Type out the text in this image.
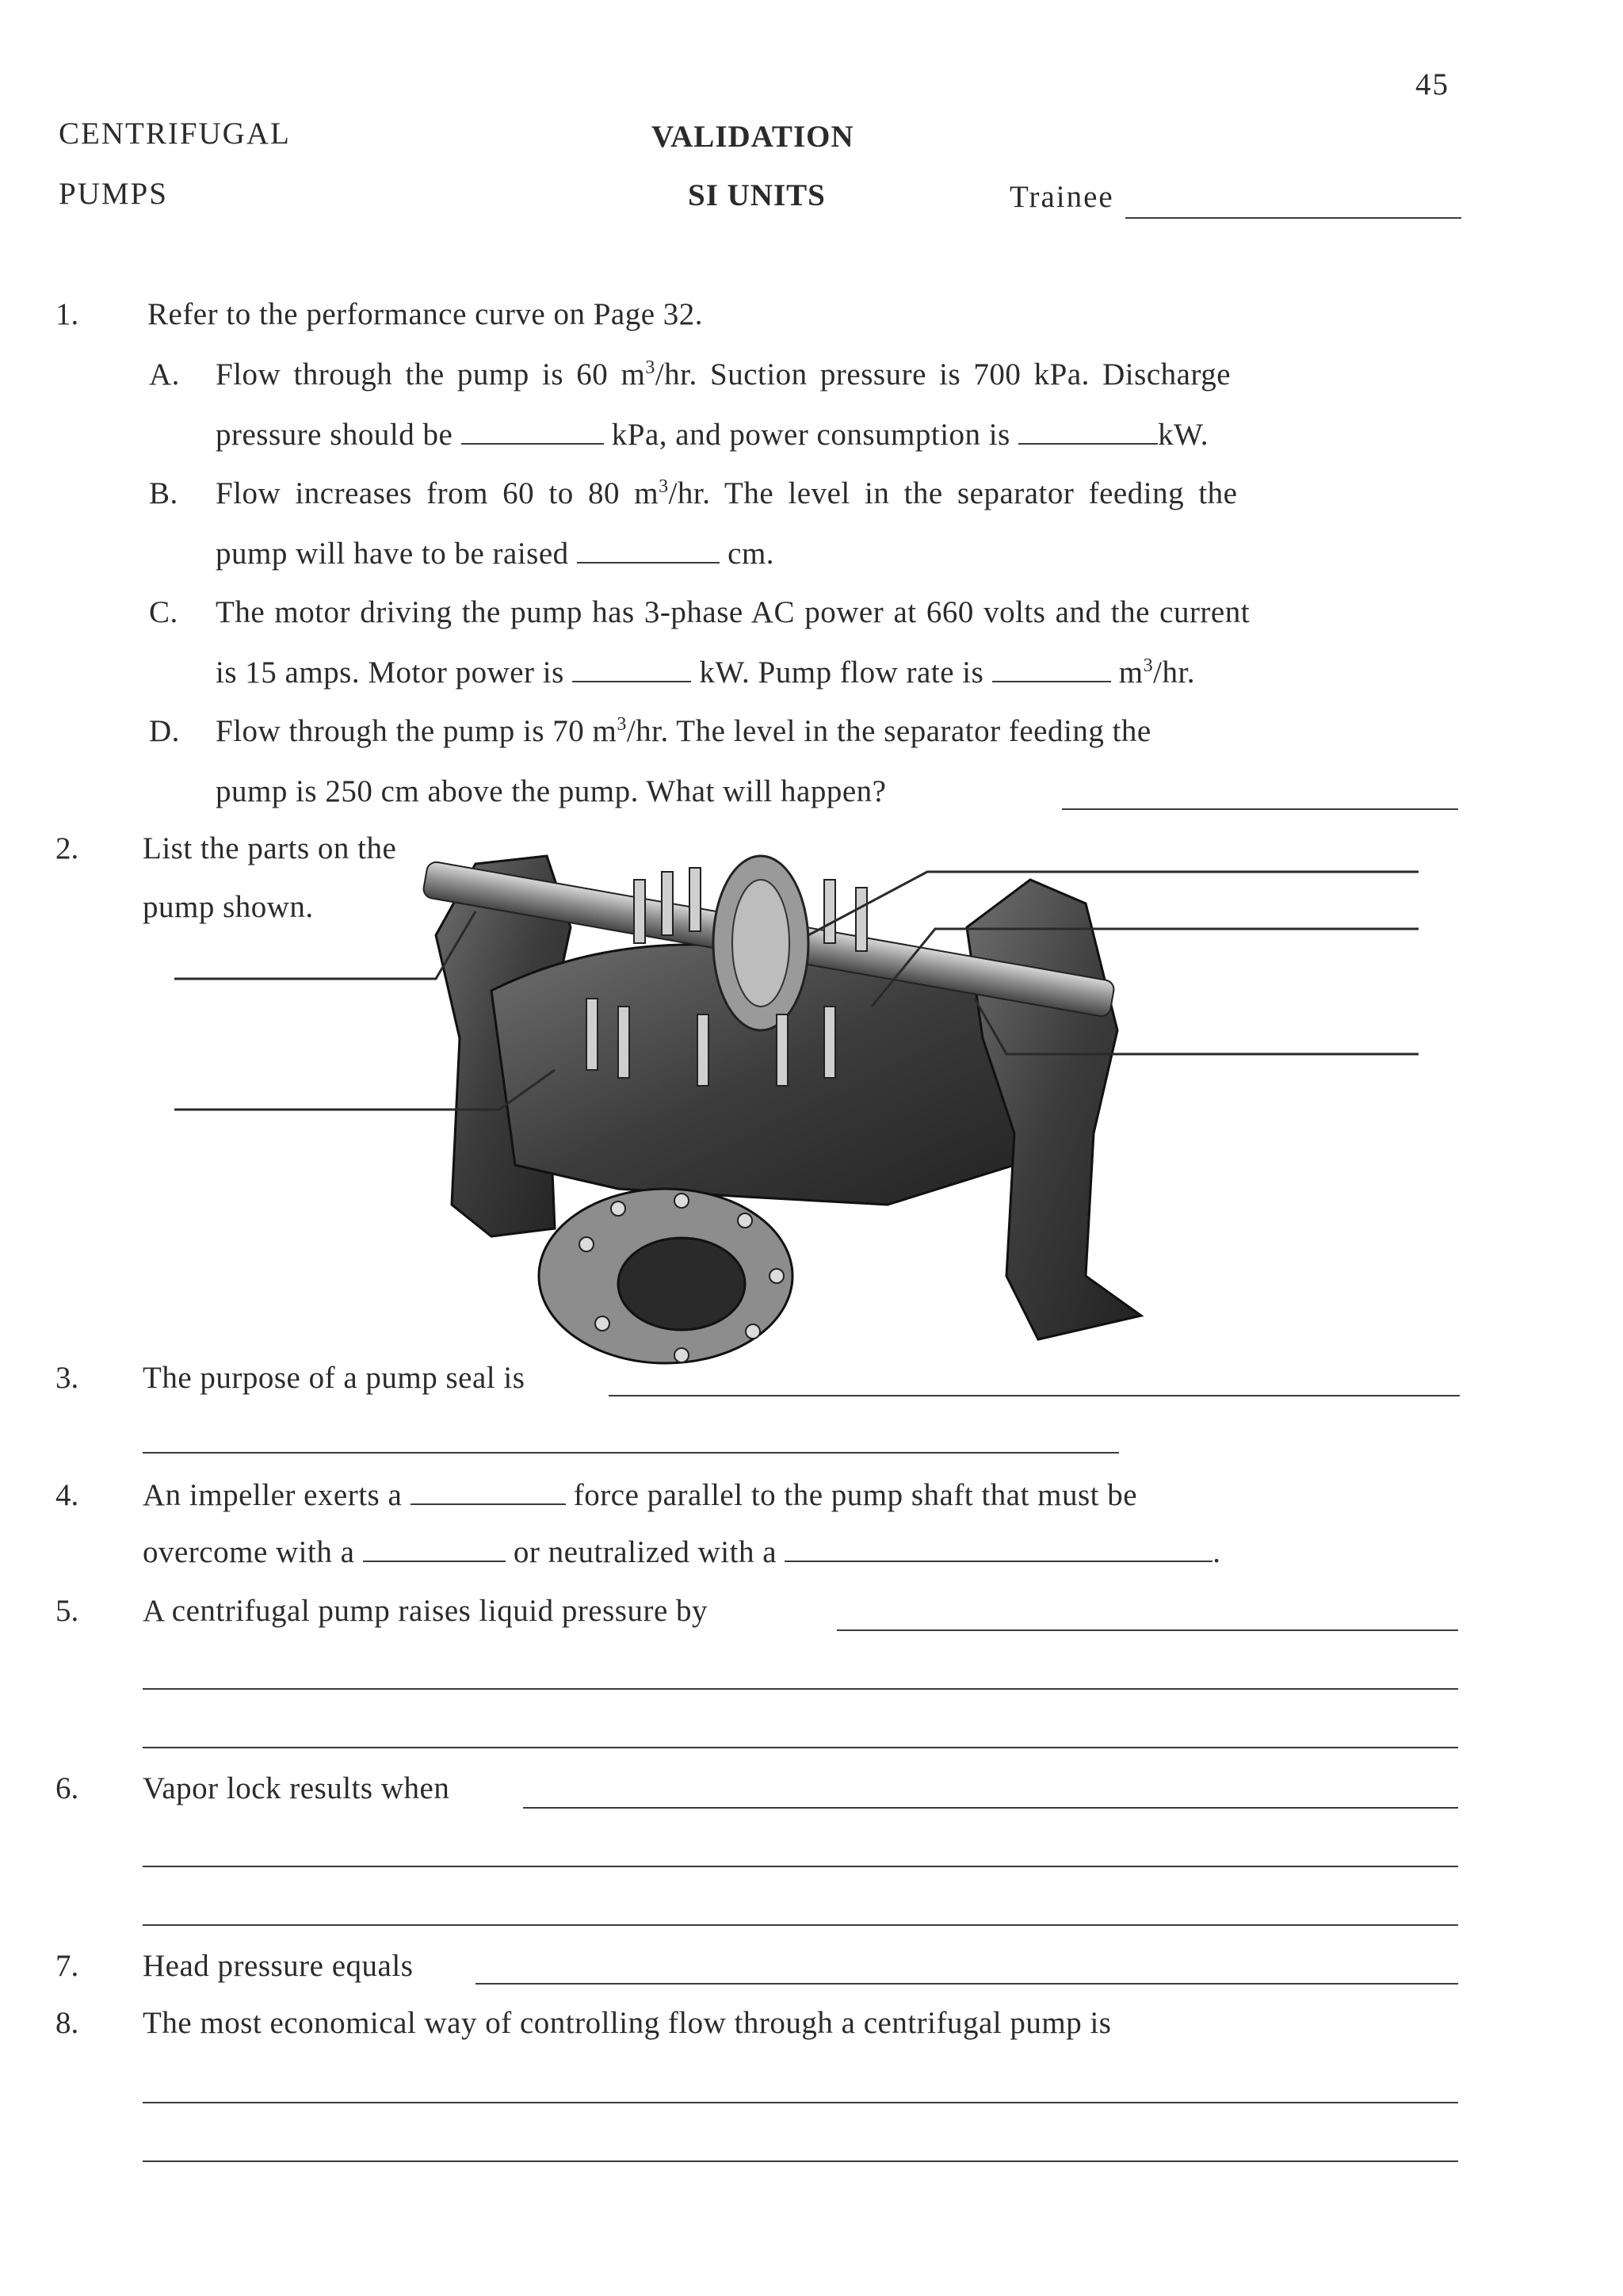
45
CENTRIFUGAL
PUMPS
VALIDATION
SI UNITS	Trainee
1. Refer to the performance curve on Page 32.
A. Flow through the pump is 60 $m^3/hr$. Suction pressure is 700 kPa. Discharge
pressure should be	kPa, and power consumption is	kW.
B. Flow increases from 60 to 80 $m^3/hr$. The level in the separator feeding the
pump will have to be raised	cm.
C. The motor driving the pump has 3-phase AC power at 660 volts and the current
is 15 amps. Motor power is	kW. Pump flow rate is	$m^3/hr$.
D. Flow through the pump is 70 $m^3/hr$. The level in the separator feeding the
pump is 250 cm above the pump. What will happen?
2. List the parts on the
pump shown.
3. The purpose of a pump seal is
4. An impeller exerts a	force parallel to the pump shaft that must be
overcome with a	or neutralized with a	.
5. A centrifugal pump raises liquid pressure by
6. Vapor lock results when
7. Head pressure equals
8. The most economical way of controlling flow through a centrifugal pump is
